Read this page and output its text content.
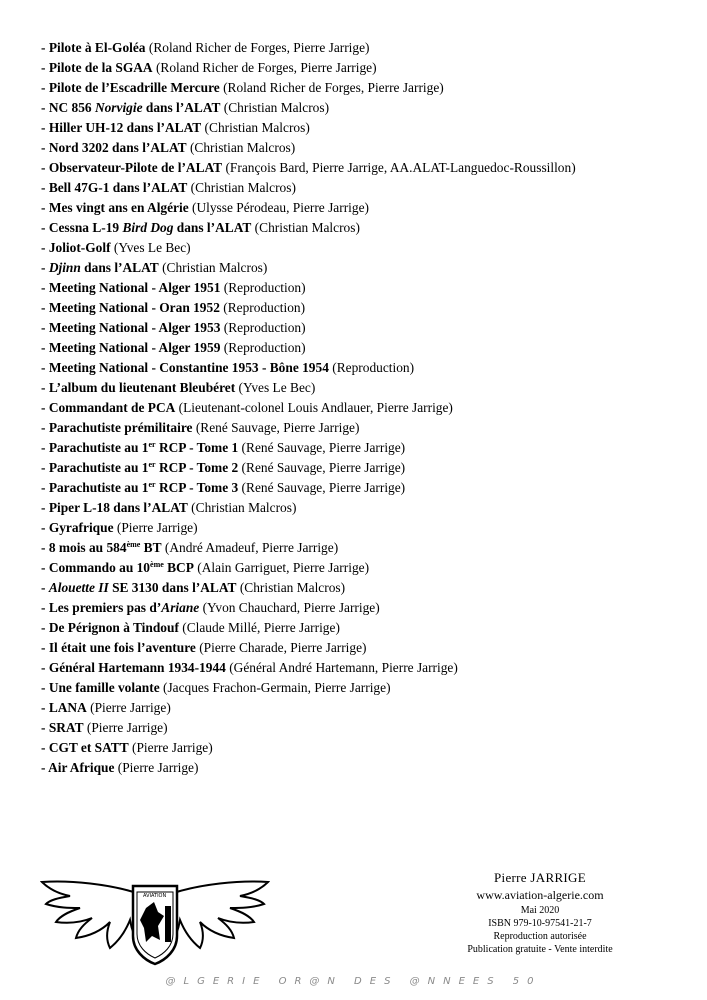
- Pilote à El-Goléa (Roland Richer de Forges, Pierre Jarrige)
- Pilote de la SGAA (Roland Richer de Forges, Pierre Jarrige)
- Pilote de l’Escadrille Mercure (Roland Richer de Forges, Pierre Jarrige)
- NC 856 Norvigie dans l’ALAT (Christian Malcros)
- Hiller UH-12 dans l’ALAT (Christian Malcros)
- Nord 3202 dans l’ALAT (Christian Malcros)
- Observateur-Pilote de l’ALAT (François Bard, Pierre Jarrige, AA.ALAT-Languedoc-Roussillon)
- Bell 47G-1 dans l’ALAT (Christian Malcros)
- Mes vingt ans en Algérie (Ulysse Pérodeau, Pierre Jarrige)
- Cessna L-19 Bird Dog dans l’ALAT (Christian Malcros)
- Joliot-Golf (Yves Le Bec)
- Djinn dans l’ALAT (Christian Malcros)
- Meeting National - Alger 1951 (Reproduction)
- Meeting National - Oran 1952 (Reproduction)
- Meeting National - Alger 1953 (Reproduction)
- Meeting National - Alger 1959 (Reproduction)
- Meeting National - Constantine 1953 - Bône 1954 (Reproduction)
- L’album du lieutenant Bleubéret (Yves Le Bec)
- Commandant de PCA (Lieutenant-colonel Louis Andlauer, Pierre Jarrige)
- Parachutiste prémilitaire (René Sauvage, Pierre Jarrige)
- Parachutiste au 1er RCP - Tome 1 (René Sauvage, Pierre Jarrige)
- Parachutiste au 1er RCP - Tome 2 (René Sauvage, Pierre Jarrige)
- Parachutiste au 1er RCP - Tome 3 (René Sauvage, Pierre Jarrige)
- Piper L-18 dans l’ALAT (Christian Malcros)
- Gyrafrique (Pierre Jarrige)
- 8 mois au 584ème BT (André Amadeuf, Pierre Jarrige)
- Commando au 10ème BCP (Alain Garriguet, Pierre Jarrige)
- Alouette II SE 3130 dans l’ALAT (Christian Malcros)
- Les premiers pas d’Ariane (Yvon Chauchard, Pierre Jarrige)
- De Pérignon à Tindouf (Claude Millé, Pierre Jarrige)
- Il était une fois l’aventure (Pierre Charade, Pierre Jarrige)
- Général Hartemann 1934-1944 (Général André Hartemann, Pierre Jarrige)
- Une famille volante (Jacques Frachon-Germain, Pierre Jarrige)
- LANA (Pierre Jarrige)
- SRAT (Pierre Jarrige)
- CGT et SATT (Pierre Jarrige)
- Air Afrique (Pierre Jarrige)
AVIATION
Pierre JARRIGE
www.aviation-algerie.com
Mai 2020
ISBN 979-10-97541-21-7
Reproduction autorisée
Publication gratuite - Vente interdite
@LGERIE OR@N DES @NNEES 50
